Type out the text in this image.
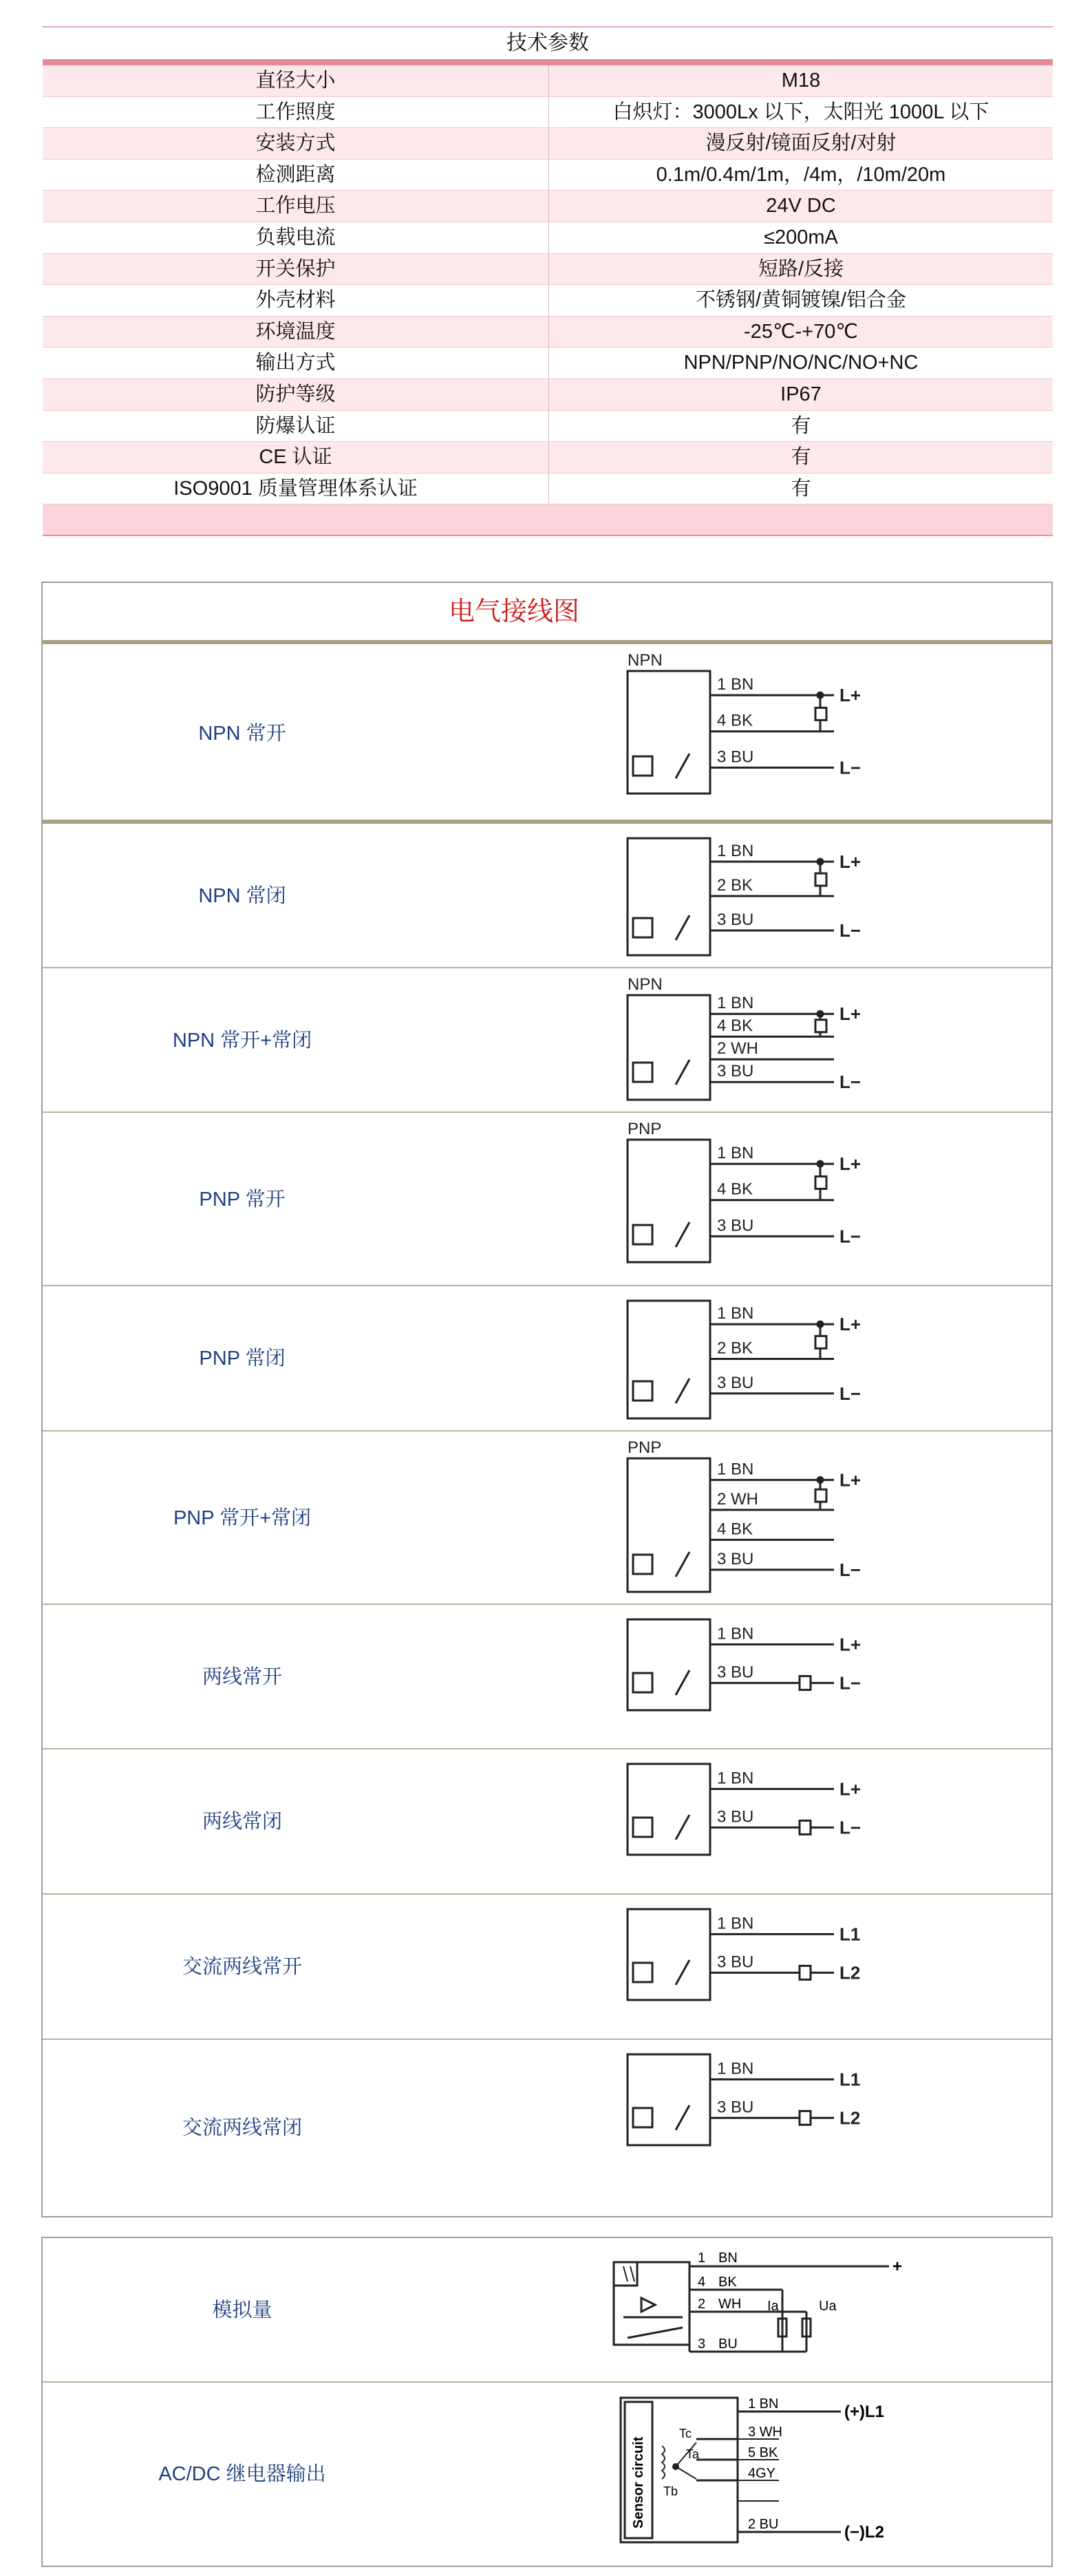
技术参数
直径大小	M18
工作照度	白炽灯：3000Lx 以下，太阳光 1000L 以下
安装方式	漫反射/镜面反射/对射
检测距离	0.1m/0.4m/1m，/4m，/10m/20m
工作电压	24V DC
负载电流	≤200mA
开关保护	短路/反接
外壳材料	不锈钢/黄铜镀镍/铝合金
环境温度	-25℃-+70℃
输出方式	NPN/PNP/NO/NC/NO+NC
防护等级	IP67
防爆认证	有
CE 认证	有
ISO9001 质量管理体系认证	有
电气接线图
NPN 常开
NPN
1 BN
4 BK
3 BU
L+
L−
NPN 常闭
1 BN
2 BK
3 BU
L+
L−
NPN 常开+常闭
NPN
1 BN
4 BK
2 WH
3 BU
L+
L−
PNP 常开
PNP
1 BN
4 BK
3 BU
L+
L−
PNP 常闭
1 BN
2 BK
3 BU
L+
L−
PNP 常开+常闭
PNP
1 BN
2 WH
4 BK
3 BU
L+
L−
两线常开
1 BN
3 BU
L+
L−
两线常闭
1 BN
3 BU
L+
L−
交流两线常开
1 BN
3 BU
L1
L2
交流两线常闭
1 BN
3 BU
L1
L2
模拟量
1
4
2
3
BN
BK
WH
BU
+
Ia	Ua
AC/DC 继电器输出	Sensor circuit
Tc
Ta
Tb
1 BN
3 WH
5 BK
4GY
2 BU
(+)L1
(−)L2
